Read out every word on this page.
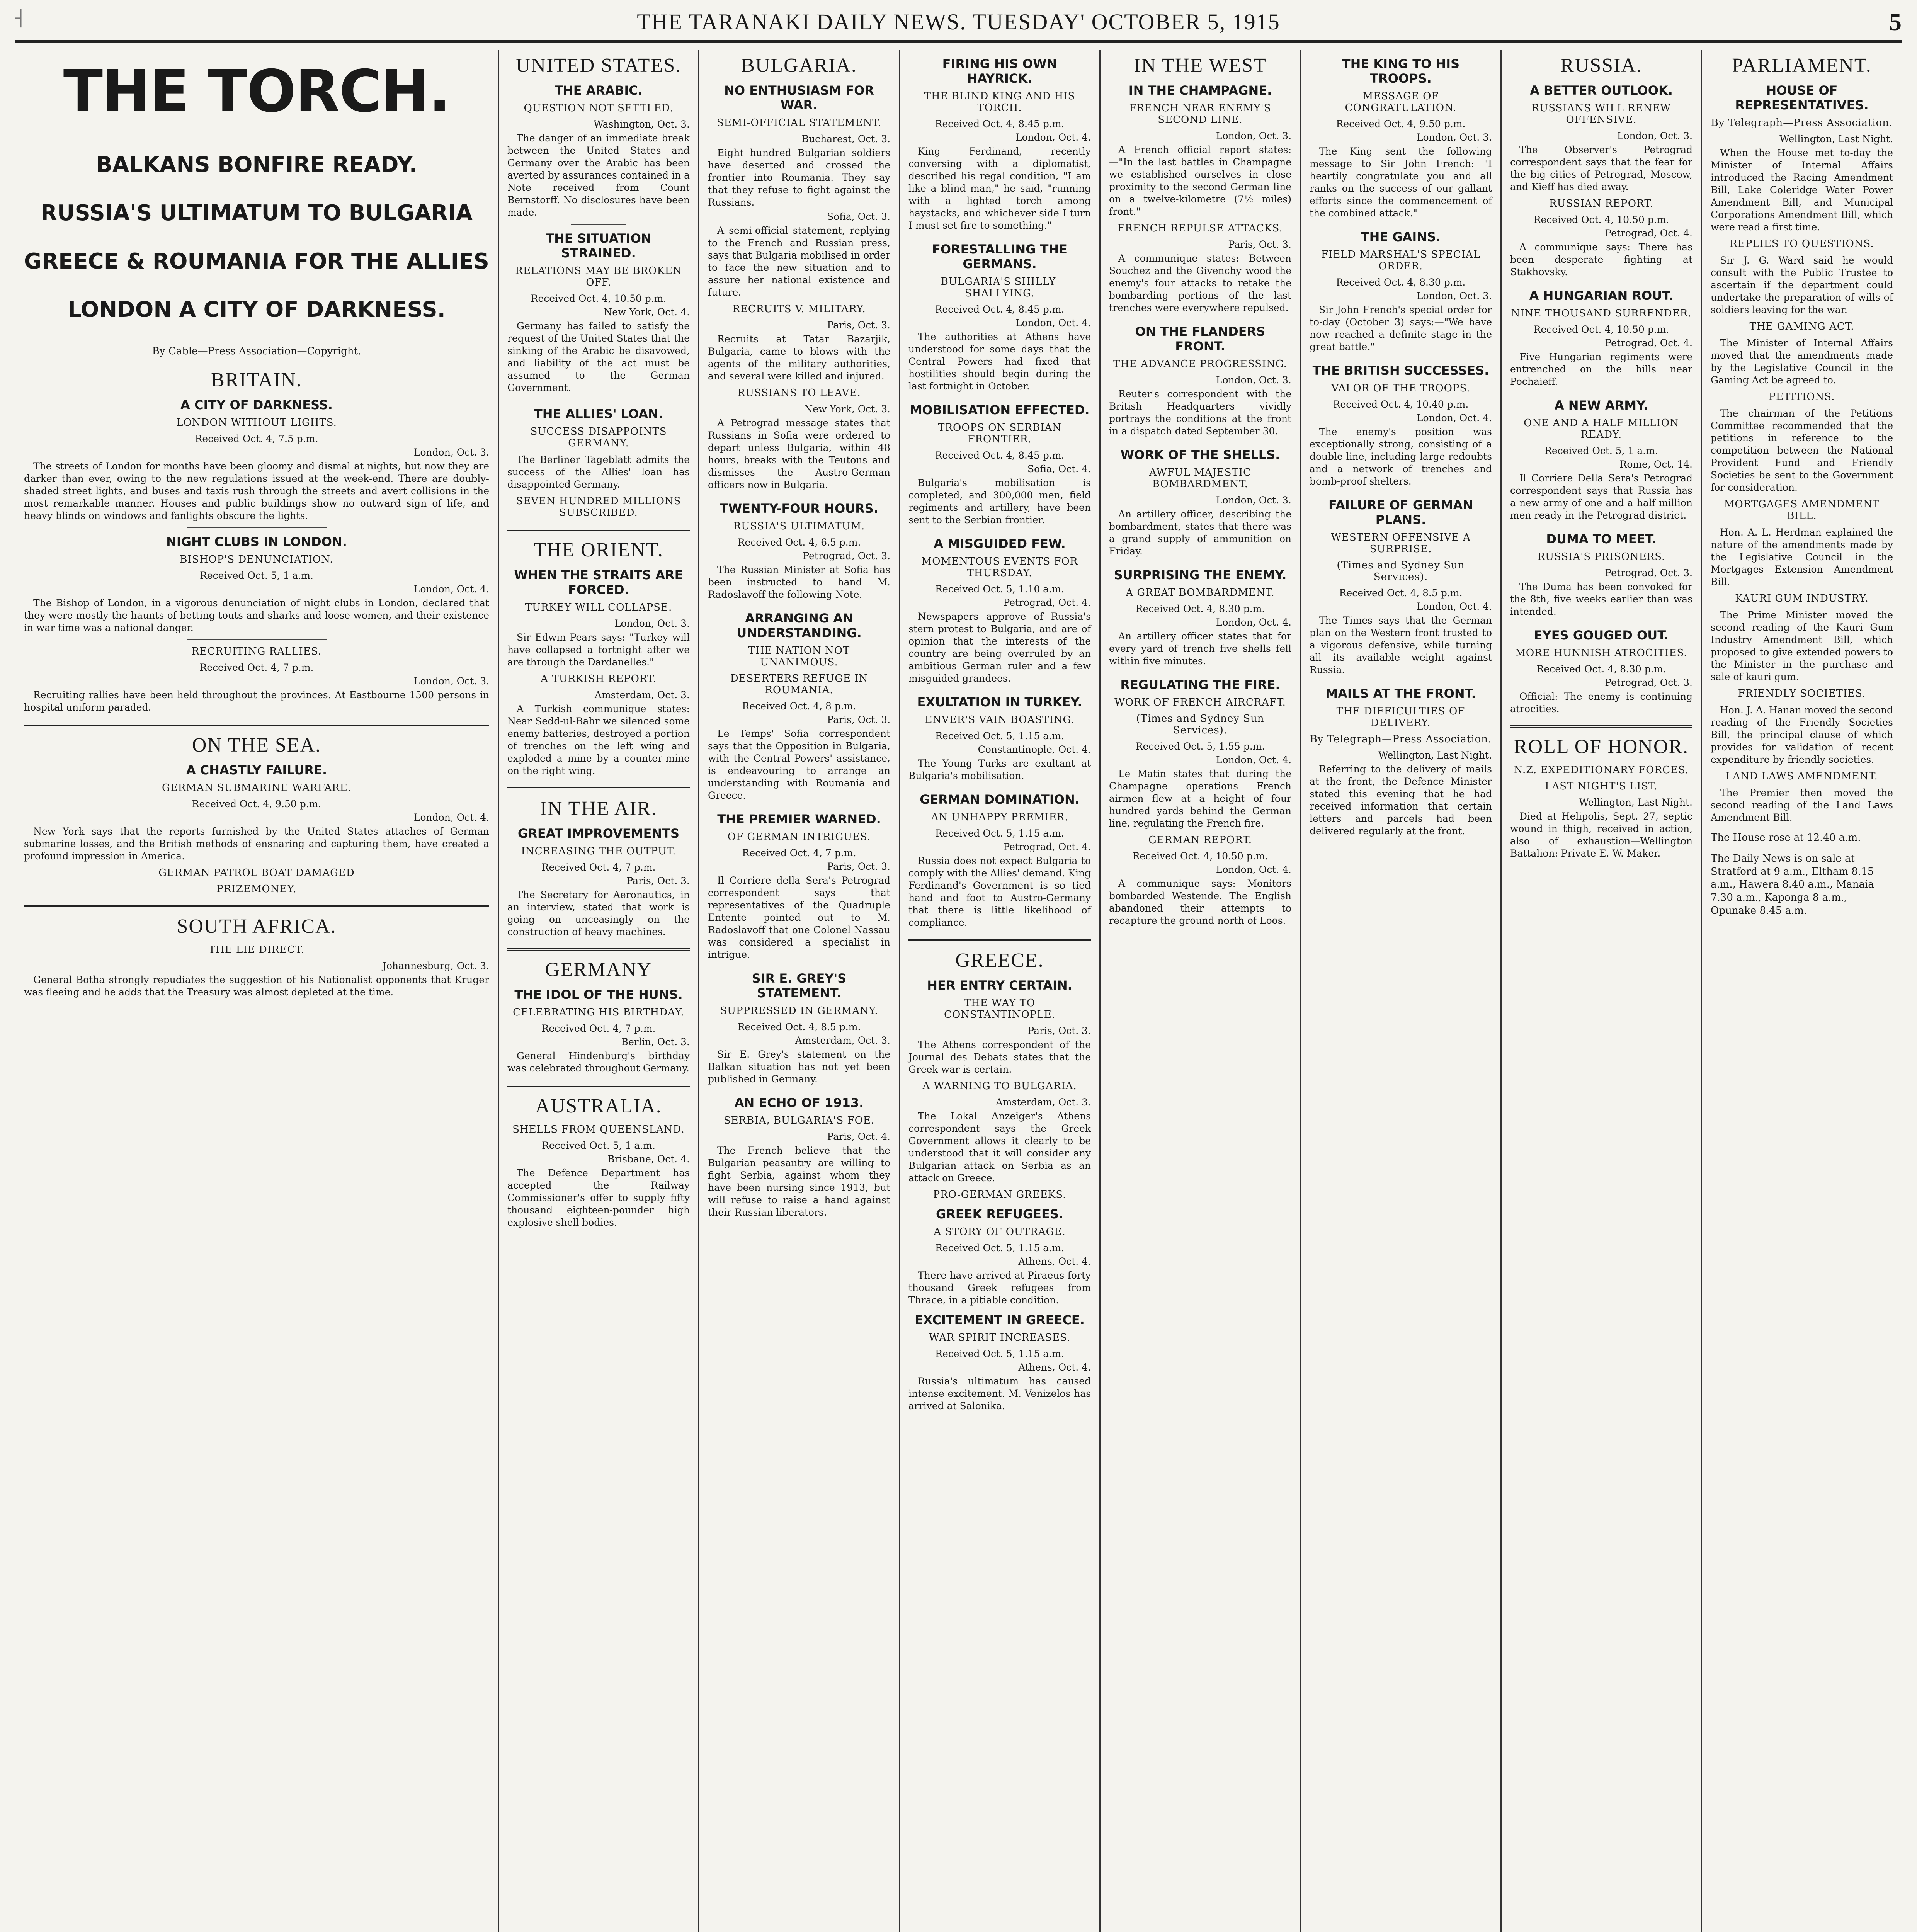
┤	THE TARANAKI DAILY NEWS. TUESDAY' OCTOBER 5, 1915	5
THE TORCH.
BALKANS BONFIRE READY.
RUSSIA'S ULTIMATUM TO BULGARIA
GREECE & ROUMANIA FOR THE ALLIES
LONDON A CITY OF DARKNESS.
By Cable—Press Association—Copyright.
BRITAIN.
A CITY OF DARKNESS.
LONDON WITHOUT LIGHTS.
Received Oct. 4, 7.5 p.m.
London, Oct. 3.

The streets of London for months have been gloomy and dismal at nights, but now they are darker than ever, owing to the new regulations issued at the week-end. There are doubly-shaded street lights, and buses and taxis rush through the streets and avert collisions in the most remarkable manner. Houses and public buildings show no outward sign of life, and heavy blinds on windows and fanlights obscure the lights.

NIGHT CLUBS IN LONDON.
BISHOP'S DENUNCIATION.
Received Oct. 5, 1 a.m.
London, Oct. 4.

The Bishop of London, in a vigorous denunciation of night clubs in London, declared that they were mostly the haunts of betting-touts and sharks and loose women, and their existence in war time was a national danger.

RECRUITING RALLIES.
Received Oct. 4, 7 p.m.
London, Oct. 3.

Recruiting rallies have been held throughout the provinces. At Eastbourne 1500 persons in hospital uniform paraded.

ON THE SEA.
A CHASTLY FAILURE.
GERMAN SUBMARINE WARFARE.
Received Oct. 4, 9.50 p.m.
London, Oct. 4.

New York says that the reports furnished by the United States attaches of German submarine losses, and the British methods of ensnaring and capturing them, have created a profound impression in America.

GERMAN PATROL BOAT DAMAGED
PRIZEMONEY.
SOUTH AFRICA.
THE LIE DIRECT.
Johannesburg, Oct. 3.

General Botha strongly repudiates the suggestion of his Nationalist opponents that Kruger was fleeing and he adds that the Treasury was almost depleted at the time.

UNITED STATES.
THE ARABIC.
QUESTION NOT SETTLED.
Washington, Oct. 3.

The danger of an immediate break between the United States and Germany over the Arabic has been averted by assurances contained in a Note received from Count Bernstorff. No disclosures have been made.

THE SITUATION STRAINED.
RELATIONS MAY BE BROKEN OFF.
Received Oct. 4, 10.50 p.m.
New York, Oct. 4.

Germany has failed to satisfy the request of the United States that the sinking of the Arabic be disavowed, and liability of the act must be assumed to the German Government.

THE ALLIES' LOAN.
SUCCESS DISAPPOINTS GERMANY.

The Berliner Tageblatt admits the success of the Allies' loan has disappointed Germany.

SEVEN HUNDRED MILLIONS SUBSCRIBED.
THE ORIENT.
WHEN THE STRAITS ARE FORCED.
TURKEY WILL COLLAPSE.
London, Oct. 3.

Sir Edwin Pears says: "Turkey will have collapsed a fortnight after we are through the Dardanelles."

A TURKISH REPORT.
Amsterdam, Oct. 3.

A Turkish communique states: Near Sedd-ul-Bahr we silenced some enemy batteries, destroyed a portion of trenches on the left wing and exploded a mine by a counter-mine on the right wing.

IN THE AIR.
GREAT IMPROVEMENTS
INCREASING THE OUTPUT.
Received Oct. 4, 7 p.m.
Paris, Oct. 3.

The Secretary for Aeronautics, in an interview, stated that work is going on unceasingly on the construction of heavy machines.

GERMANY
THE IDOL OF THE HUNS.
CELEBRATING HIS BIRTHDAY.
Received Oct. 4, 7 p.m.
Berlin, Oct. 3.

General Hindenburg's birthday was celebrated throughout Germany.

AUSTRALIA.
SHELLS FROM QUEENSLAND.
Received Oct. 5, 1 a.m.
Brisbane, Oct. 4.

The Defence Department has accepted the Railway Commissioner's offer to supply fifty thousand eighteen-pounder high explosive shell bodies.

BULGARIA.
NO ENTHUSIASM FOR WAR.
SEMI-OFFICIAL STATEMENT.
Bucharest, Oct. 3.

Eight hundred Bulgarian soldiers have deserted and crossed the frontier into Roumania. They say that they refuse to fight against the Russians.

Sofia, Oct. 3.

A semi-official statement, replying to the French and Russian press, says that Bulgaria mobilised in order to face the new situation and to assure her national existence and future.

RECRUITS V. MILITARY.
Paris, Oct. 3.

Recruits at Tatar Bazarjik, Bulgaria, came to blows with the agents of the military authorities, and several were killed and injured.

RUSSIANS TO LEAVE.
New York, Oct. 3.

A Petrograd message states that Russians in Sofia were ordered to depart unless Bulgaria, within 48 hours, breaks with the Teutons and dismisses the Austro-German officers now in Bulgaria.

TWENTY-FOUR HOURS.
RUSSIA'S ULTIMATUM.
Received Oct. 4, 6.5 p.m.
Petrograd, Oct. 3.

The Russian Minister at Sofia has been instructed to hand M. Radoslavoff the following Note.

ARRANGING AN UNDERSTANDING.
THE NATION NOT UNANIMOUS.
DESERTERS REFUGE IN ROUMANIA.
Received Oct. 4, 8 p.m.
Paris, Oct. 3.

Le Temps' Sofia correspondent says that the Opposition in Bulgaria, with the Central Powers' assistance, is endeavouring to arrange an understanding with Roumania and Greece.

THE PREMIER WARNED.
OF GERMAN INTRIGUES.
Received Oct. 4, 7 p.m.
Paris, Oct. 3.

Il Corriere della Sera's Petrograd correspondent says that representatives of the Quadruple Entente pointed out to M. Radoslavoff that one Colonel Nassau was considered a specialist in intrigue.

SIR E. GREY'S STATEMENT.
SUPPRESSED IN GERMANY.
Received Oct. 4, 8.5 p.m.
Amsterdam, Oct. 3.

Sir E. Grey's statement on the Balkan situation has not yet been published in Germany.

AN ECHO OF 1913.
SERBIA, BULGARIA'S FOE.
Paris, Oct. 4.

The French believe that the Bulgarian peasantry are willing to fight Serbia, against whom they have been nursing since 1913, but will refuse to raise a hand against their Russian liberators.

FIRING HIS OWN HAYRICK.
THE BLIND KING AND HIS TORCH.
Received Oct. 4, 8.45 p.m.
London, Oct. 4.

King Ferdinand, recently conversing with a diplomatist, described his regal condition, "I am like a blind man," he said, "running with a lighted torch among haystacks, and whichever side I turn I must set fire to something."

FORESTALLING THE GERMANS.
BULGARIA'S SHILLY-SHALLYING.
Received Oct. 4, 8.45 p.m.
London, Oct. 4.

The authorities at Athens have understood for some days that the Central Powers had fixed that hostilities should begin during the last fortnight in October.

MOBILISATION EFFECTED.
TROOPS ON SERBIAN FRONTIER.
Received Oct. 4, 8.45 p.m.
Sofia, Oct. 4.

Bulgaria's mobilisation is completed, and 300,000 men, field regiments and artillery, have been sent to the Serbian frontier.

A MISGUIDED FEW.
MOMENTOUS EVENTS FOR THURSDAY.
Received Oct. 5, 1.10 a.m.
Petrograd, Oct. 4.

Newspapers approve of Russia's stern protest to Bulgaria, and are of opinion that the interests of the country are being overruled by an ambitious German ruler and a few misguided grandees.

EXULTATION IN TURKEY.
ENVER'S VAIN BOASTING.
Received Oct. 5, 1.15 a.m.
Constantinople, Oct. 4.

The Young Turks are exultant at Bulgaria's mobilisation.

GERMAN DOMINATION.
AN UNHAPPY PREMIER.
Received Oct. 5, 1.15 a.m.
Petrograd, Oct. 4.

Russia does not expect Bulgaria to comply with the Allies' demand. King Ferdinand's Government is so tied hand and foot to Austro-Germany that there is little likelihood of compliance.

GREECE.
HER ENTRY CERTAIN.
THE WAY TO CONSTANTINOPLE.
Paris, Oct. 3.

The Athens correspondent of the Journal des Debats states that the Greek war is certain.

A WARNING TO BULGARIA.
Amsterdam, Oct. 3.

The Lokal Anzeiger's Athens correspondent says the Greek Government allows it clearly to be understood that it will consider any Bulgarian attack on Serbia as an attack on Greece.

PRO-GERMAN GREEKS.
GREEK REFUGEES.
A STORY OF OUTRAGE.
Received Oct. 5, 1.15 a.m.
Athens, Oct. 4.

There have arrived at Piraeus forty thousand Greek refugees from Thrace, in a pitiable condition.

EXCITEMENT IN GREECE.
WAR SPIRIT INCREASES.
Received Oct. 5, 1.15 a.m.
Athens, Oct. 4.

Russia's ultimatum has caused intense excitement. M. Venizelos has arrived at Salonika.

IN THE WEST
IN THE CHAMPAGNE.
FRENCH NEAR ENEMY'S SECOND LINE.
London, Oct. 3.

A French official report states:—"In the last battles in Champagne we established ourselves in close proximity to the second German line on a twelve-kilometre (7½ miles) front."

FRENCH REPULSE ATTACKS.
Paris, Oct. 3.

A communique states:—Between Souchez and the Givenchy wood the enemy's four attacks to retake the bombarding portions of the last trenches were everywhere repulsed.

ON THE FLANDERS FRONT.
THE ADVANCE PROGRESSING.
London, Oct. 3.

Reuter's correspondent with the British Headquarters vividly portrays the conditions at the front in a dispatch dated September 30.

WORK OF THE SHELLS.
AWFUL MAJESTIC BOMBARDMENT.
London, Oct. 3.

An artillery officer, describing the bombardment, states that there was a grand supply of ammunition on Friday.

SURPRISING THE ENEMY.
A GREAT BOMBARDMENT.
Received Oct. 4, 8.30 p.m.
London, Oct. 4.

An artillery officer states that for every yard of trench five shells fell within five minutes.

REGULATING THE FIRE.
WORK OF FRENCH AIRCRAFT.
(Times and Sydney Sun Services).
Received Oct. 5, 1.55 p.m.
London, Oct. 4.

Le Matin states that during the Champagne operations French airmen flew at a height of four hundred yards behind the German line, regulating the French fire.

GERMAN REPORT.
Received Oct. 4, 10.50 p.m.
London, Oct. 4.

A communique says: Monitors bombarded Westende. The English abandoned their attempts to recapture the ground north of Loos.

THE KING TO HIS TROOPS.
MESSAGE OF CONGRATULATION.
Received Oct. 4, 9.50 p.m.
London, Oct. 3.

The King sent the following message to Sir John French: "I heartily congratulate you and all ranks on the success of our gallant efforts since the commencement of the combined attack."

THE GAINS.
FIELD MARSHAL'S SPECIAL ORDER.
Received Oct. 4, 8.30 p.m.
London, Oct. 3.

Sir John French's special order for to-day (October 3) says:—"We have now reached a definite stage in the great battle."

THE BRITISH SUCCESSES.
VALOR OF THE TROOPS.
Received Oct. 4, 10.40 p.m.
London, Oct. 4.

The enemy's position was exceptionally strong, consisting of a double line, including large redoubts and a network of trenches and bomb-proof shelters.

FAILURE OF GERMAN PLANS.
WESTERN OFFENSIVE A SURPRISE.
(Times and Sydney Sun Services).
Received Oct. 4, 8.5 p.m.
London, Oct. 4.

The Times says that the German plan on the Western front trusted to a vigorous defensive, while turning all its available weight against Russia.

MAILS AT THE FRONT.
THE DIFFICULTIES OF DELIVERY.
By Telegraph—Press Association.
Wellington, Last Night.

Referring to the delivery of mails at the front, the Defence Minister stated this evening that he had received information that certain letters and parcels had been delivered regularly at the front.

RUSSIA.
A BETTER OUTLOOK.
RUSSIANS WILL RENEW OFFENSIVE.
London, Oct. 3.

The Observer's Petrograd correspondent says that the fear for the big cities of Petrograd, Moscow, and Kieff has died away.

RUSSIAN REPORT.
Received Oct. 4, 10.50 p.m.
Petrograd, Oct. 4.

A communique says: There has been desperate fighting at Stakhovsky.

A HUNGARIAN ROUT.
NINE THOUSAND SURRENDER.
Received Oct. 4, 10.50 p.m.
Petrograd, Oct. 4.

Five Hungarian regiments were entrenched on the hills near Pochaieff.

A NEW ARMY.
ONE AND A HALF MILLION READY.
Received Oct. 5, 1 a.m.
Rome, Oct. 14.

Il Corriere Della Sera's Petrograd correspondent says that Russia has a new army of one and a half million men ready in the Petrograd district.

DUMA TO MEET.
RUSSIA'S PRISONERS.
Petrograd, Oct. 3.

The Duma has been convoked for the 8th, five weeks earlier than was intended.

EYES GOUGED OUT.
MORE HUNNISH ATROCITIES.
Received Oct. 4, 8.30 p.m.
Petrograd, Oct. 3.

Official: The enemy is continuing atrocities.

ROLL OF HONOR.
N.Z. EXPEDITIONARY FORCES.
LAST NIGHT'S LIST.
Wellington, Last Night.

Died at Helipolis, Sept. 27, septic wound in thigh, received in action, also of exhaustion—Wellington Battalion: Private E. W. Maker.

PARLIAMENT.
HOUSE OF REPRESENTATIVES.
By Telegraph—Press Association.
Wellington, Last Night.

When the House met to-day the Minister of Internal Affairs introduced the Racing Amendment Bill, Lake Coleridge Water Power Amendment Bill, and Municipal Corporations Amendment Bill, which were read a first time.

REPLIES TO QUESTIONS.

Sir J. G. Ward said he would consult with the Public Trustee to ascertain if the department could undertake the preparation of wills of soldiers leaving for the war.

THE GAMING ACT.

The Minister of Internal Affairs moved that the amendments made by the Legislative Council in the Gaming Act be agreed to.

PETITIONS.

The chairman of the Petitions Committee recommended that the petitions in reference to the competition between the National Provident Fund and Friendly Societies be sent to the Government for consideration.

MORTGAGES AMENDMENT BILL.

Hon. A. L. Herdman explained the nature of the amendments made by the Legislative Council in the Mortgages Extension Amendment Bill.

KAURI GUM INDUSTRY.

The Prime Minister moved the second reading of the Kauri Gum Industry Amendment Bill, which proposed to give extended powers to the Minister in the purchase and sale of kauri gum.

FRIENDLY SOCIETIES.

Hon. J. A. Hanan moved the second reading of the Friendly Societies Bill, the principal clause of which provides for validation of recent expenditure by friendly societies.

LAND LAWS AMENDMENT.

The Premier then moved the second reading of the Land Laws Amendment Bill.

The House rose at 12.40 a.m.
The Daily News is on sale at Stratford at 9 a.m., Eltham 8.15 a.m., Hawera 8.40 a.m., Manaia 7.30 a.m., Kaponga 8 a.m., Opunake 8.45 a.m.
